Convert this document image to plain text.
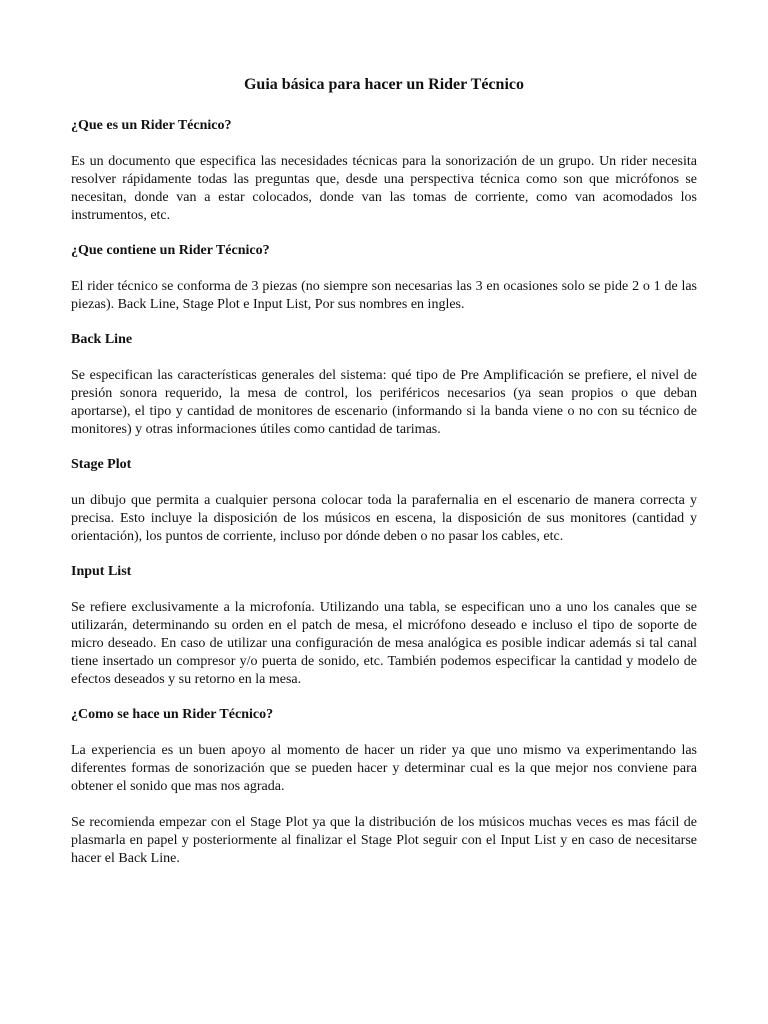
Guia básica para hacer un Rider Técnico
¿Que es un Rider Técnico?

Es un documento que especifica las necesidades técnicas para la sonorización de un grupo. Un rider necesita resolver rápidamente todas las preguntas que, desde una perspectiva técnica como son que micrófonos se necesitan, donde van a estar colocados, donde van las tomas de corriente, como van acomodados los instrumentos, etc.

¿Que contiene un Rider Técnico?

El rider técnico se conforma de 3 piezas (no siempre son necesarias las 3 en ocasiones solo se pide 2 o 1 de las piezas). Back Line, Stage Plot e Input List, Por sus nombres en ingles.

Back Line

Se especifican las características generales del sistema: qué tipo de Pre Amplificación se prefiere, el nivel de presión sonora requerido, la mesa de control, los periféricos necesarios (ya sean propios o que deban aportarse), el tipo y cantidad de monitores de escenario (informando si la banda viene o no con su técnico de monitores) y otras informaciones útiles como cantidad de tarimas.

Stage Plot

un dibujo que permita a cualquier persona colocar toda la parafernalia en el escenario de manera correcta y precisa. Esto incluye la disposición de los músicos en escena, la disposición de sus monitores (cantidad y orientación), los puntos de corriente, incluso por dónde deben o no pasar los cables, etc.

Input List

Se refiere exclusivamente a la microfonía. Utilizando una tabla, se especifican uno a uno los canales que se utilizarán, determinando su orden en el patch de mesa, el micrófono deseado e incluso el tipo de soporte de micro deseado. En caso de utilizar una configuración de mesa analógica es posible indicar además si tal canal tiene insertado un compresor y/o puerta de sonido, etc. También podemos especificar la cantidad y modelo de efectos deseados y su retorno en la mesa.

¿Como se hace un Rider Técnico?

La experiencia es un buen apoyo al momento de hacer un rider ya que uno mismo va experimentando las diferentes formas de sonorización que se pueden hacer y determinar cual es la que mejor nos conviene para obtener el sonido que mas nos agrada.

Se recomienda empezar con el Stage Plot ya que la distribución de los músicos muchas veces es mas fácil de plasmarla en papel y posteriormente al finalizar el Stage Plot seguir con el Input List y en caso de necesitarse hacer el Back Line.
